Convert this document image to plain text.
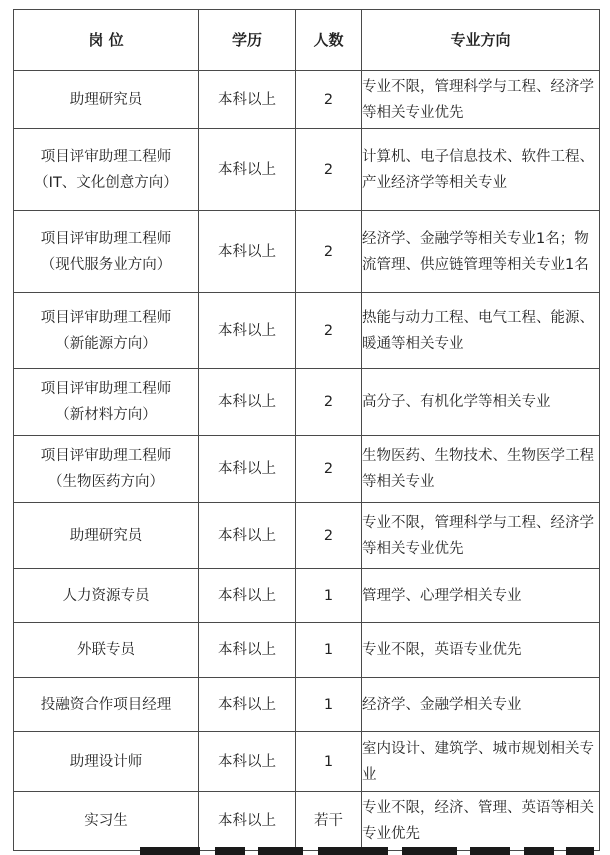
岗 位	学历	人数	专业方向
助理研究员	本科以上	2	专业不限，管理科学与工程、经济学等相关专业优先
项目评审助理工程师　　（IT、文化创意方向）	本科以上	2	计算机、电子信息技术、软件工程、产业经济学等相关专业
项目评审助理工程师　　（现代服务业方向）	本科以上	2	经济学、金融学等相关专业1名；物流管理、供应链管理等相关专业1名
项目评审助理工程师　　（新能源方向）	本科以上	2	热能与动力工程、电气工程、能源、暖通等相关专业
项目评审助理工程师（新材料方向）	本科以上	2	高分子、有机化学等相关专业
项目评审助理工程师（生物医药方向）	本科以上	2	生物医药、生物技术、生物医学工程等相关专业
助理研究员	本科以上	2	专业不限，管理科学与工程、经济学等相关专业优先
人力资源专员	本科以上	1	管理学、心理学相关专业
外联专员	本科以上	1	专业不限，英语专业优先
投融资合作项目经理	本科以上	1	经济学、金融学相关专业
助理设计师	本科以上	1	室内设计、建筑学、城市规划相关专业
实习生	本科以上	若干	专业不限，经济、管理、英语等相关专业优先
